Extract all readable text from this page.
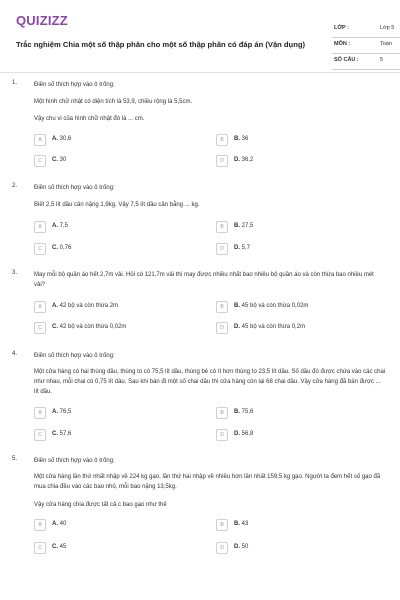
QUIZIZZ
Trắc nghiệm Chia một số thập phân cho một số thập phân có đáp án (Vận dụng)
LỚP :	Lớp 5
MÔN :	Toán
SỐ CÂU :	5
1.	Điền số thích hợp vào ô trống:
Một hình chữ nhật có diện tích là 53,9, chiều rộng là 5,5cm.
Vậy chu vi của hình chữ nhật đó là ... cm.
A	A. 30,6	B	B. 36
C	C. 30	D	D. 36,2
2.	Điền số thích hợp vào ô trống:
Biết 2,5 lít dầu cân nặng 1,9kg. Vậy 7,5 lít dầu cân bằng ... kg.
A	A. 7,5	B	B. 27,5
C	C. 0,76	D	D. 5,7
3.	May mỗi bộ quần áo hết 2,7m vải. Hỏi có 121,7m vải thì may được nhiều nhất bao nhiêu bộ quần áo và còn thừa bao nhiêu mét vải?
A	A. 42 bộ và còn thừa 2m	B	B. 45 bộ và còn thừa 0,02m
C	C. 42 bộ và còn thừa 0,02m	D	D. 45 bộ và còn thừa 0,2m
4.	Điền số thích hợp vào ô trống:
Một cửa hàng có hai thùng dầu, thùng to có 75,5 lít dầu, thùng bé có ít hơn thùng to 23,5 lít dầu. Số dầu đó được chứa vào các chai như nhau, mỗi chai có 0,75 lít dầu. Sau khi bán đi một số chai dầu thì cửa hàng còn lại 68 chai dầu. Vậy cửa hàng đã bán được ... lít dầu.
A	A. 76,5	B	B. 75,6
C	C. 57,6	D	D. 56,8
5.	Điền số thích hợp vào ô trống:
Một cửa hàng lần thứ nhất nhập về 224 kg gạo, lần thứ hai nhập về nhiều hơn lần nhất 159,5 kg gạo. Người ta đem hết số gạo đã mua chia đều vào các bao nhỏ, mỗi bao nặng 13,5kg.
Vậy cửa hàng chia được tất cả c bao gạo như thế
A	A. 40	B	B. 43
C	C. 45	D	D. 50
